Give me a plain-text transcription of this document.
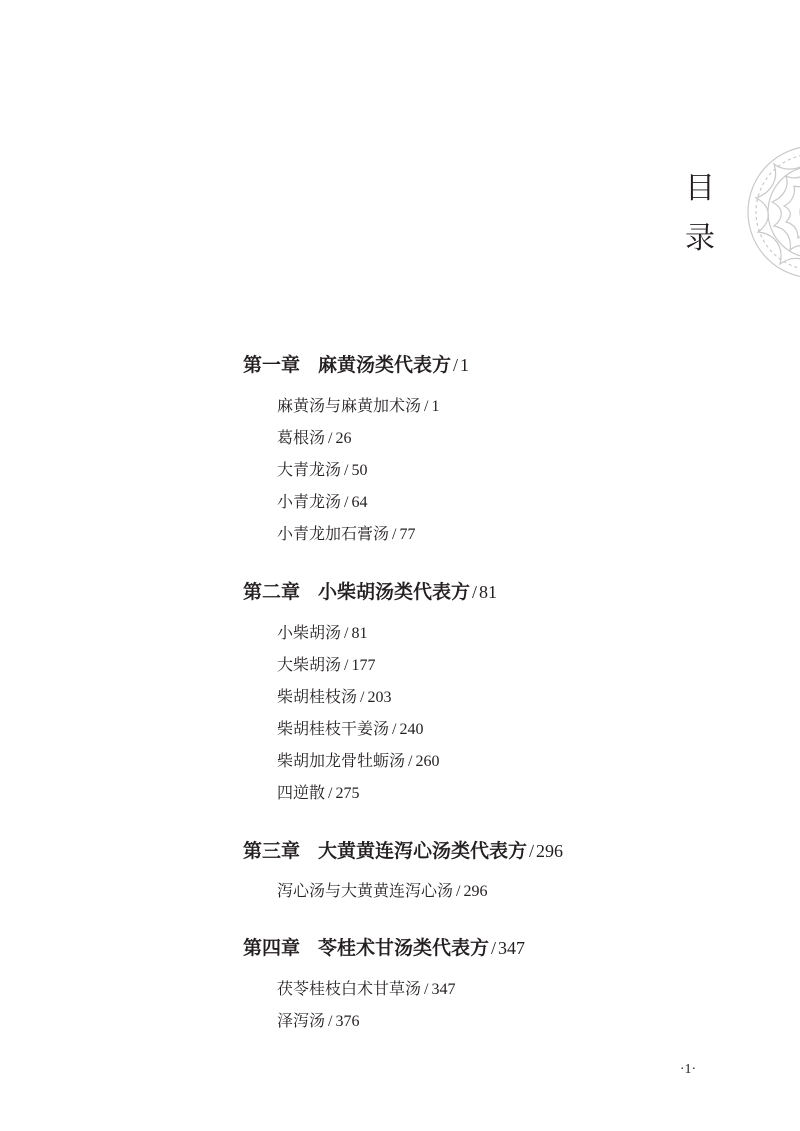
目
录
第一章 麻黄汤类代表方 / 1
麻黄汤与麻黄加术汤 / 1
葛根汤 / 26
大青龙汤 / 50
小青龙汤 / 64
小青龙加石膏汤 / 77
第二章 小柴胡汤类代表方 / 81
小柴胡汤 / 81
大柴胡汤 / 177
柴胡桂枝汤 / 203
柴胡桂枝干姜汤 / 240
柴胡加龙骨牡蛎汤 / 260
四逆散 / 275
第三章 大黄黄连泻心汤类代表方 / 296
泻心汤与大黄黄连泻心汤 / 296
第四章 苓桂术甘汤类代表方 / 347
茯苓桂枝白术甘草汤 / 347
泽泻汤 / 376
·1·
